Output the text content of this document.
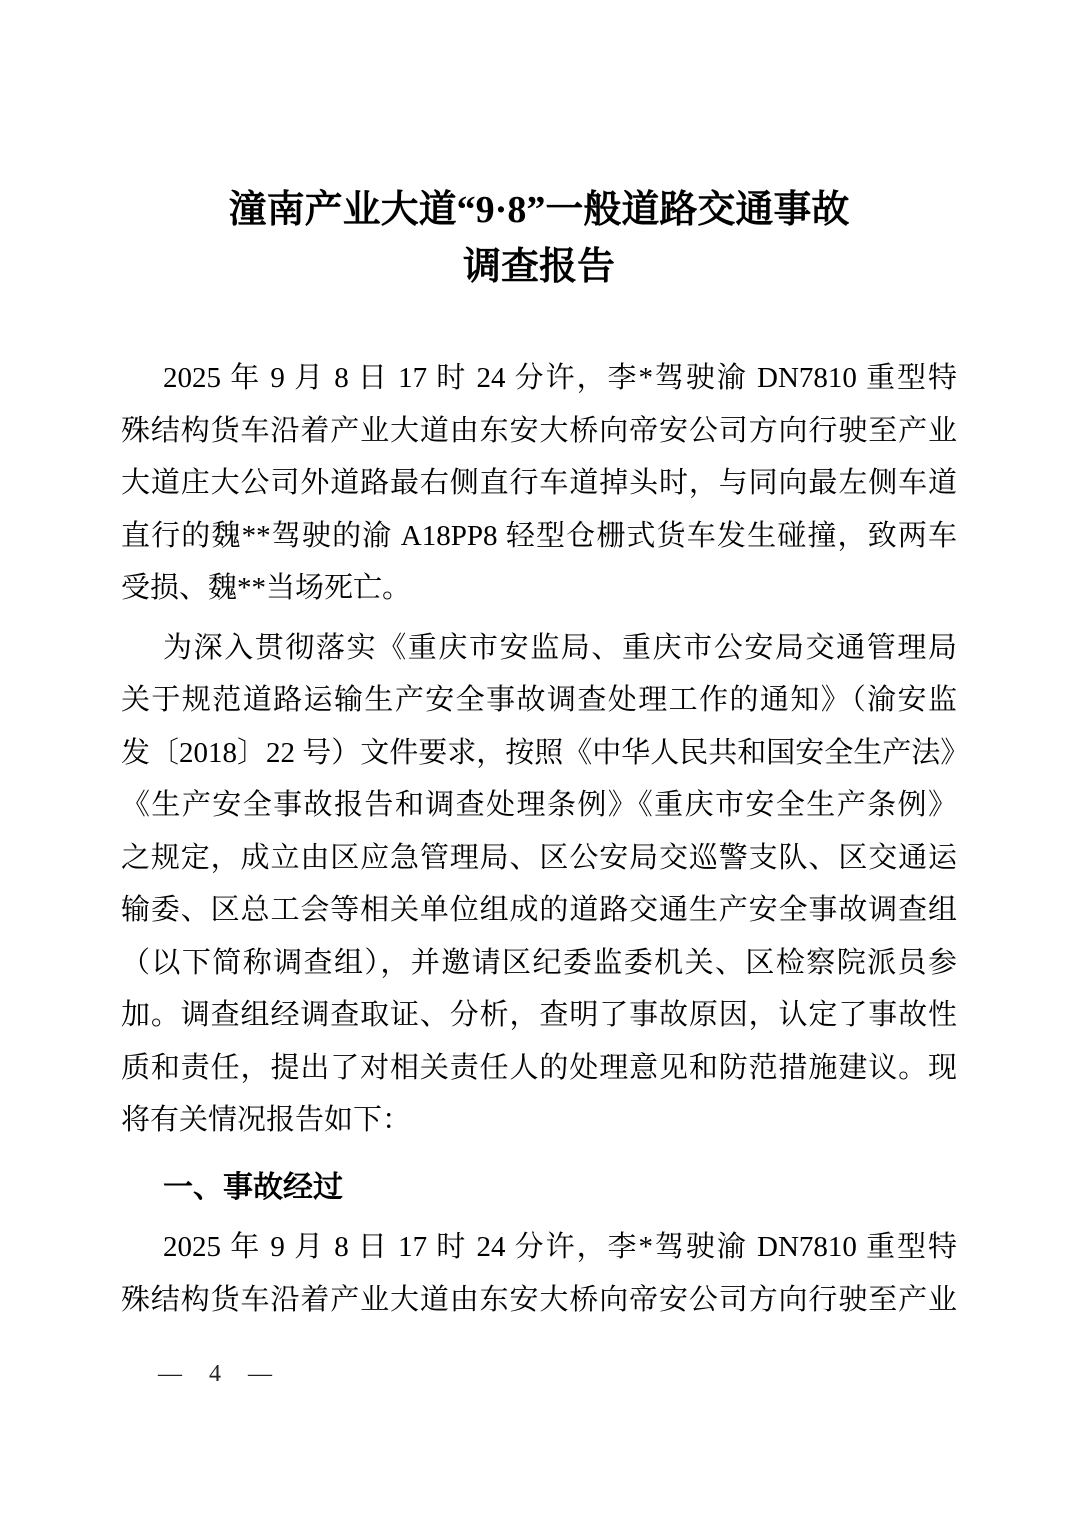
潼南产业大道“9·8”一般道路交通事故
调查报告
2025 年 9 月 8 日 17 时 24 分许，李*驾驶渝 DN7810 重型特
殊结构货车沿着产业大道由东安大桥向帝安公司方向行驶至产业
大道庄大公司外道路最右侧直行车道掉头时，与同向最左侧车道
直行的魏**驾驶的渝 A18PP8 轻型仓栅式货车发生碰撞，致两车
受损、魏**当场死亡。
为深入贯彻落实《重庆市安监局、重庆市公安局交通管理局
关于规范道路运输生产安全事故调查处理工作的通知》（渝安监
发〔2018〕22 号）文件要求，按照《中华人民共和国安全生产法》
《生产安全事故报告和调查处理条例》《重庆市安全生产条例》
之规定，成立由区应急管理局、区公安局交巡警支队、区交通运
输委、区总工会等相关单位组成的道路交通生产安全事故调查组
（以下简称调查组），并邀请区纪委监委机关、区检察院派员参
加。调查组经调查取证、分析，查明了事故原因，认定了事故性
质和责任，提出了对相关责任人的处理意见和防范措施建议。现
将有关情况报告如下：
一、事故经过
2025 年 9 月 8 日 17 时 24 分许，李*驾驶渝 DN7810 重型特
殊结构货车沿着产业大道由东安大桥向帝安公司方向行驶至产业
— 4 —
